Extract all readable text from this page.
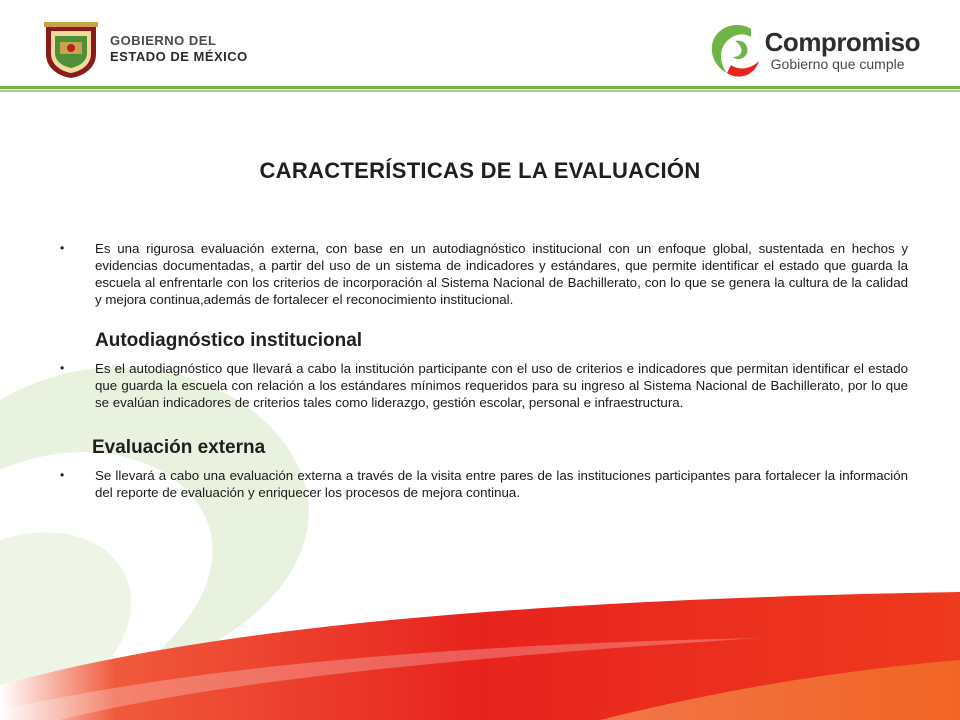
GOBIERNO DEL
ESTADO DE MÉXICO	Compromiso
Gobierno que cumple
CARACTERÍSTICAS DE LA EVALUACIÓN
•	Es una rigurosa evaluación externa, con base en un autodiagnóstico institucional con un enfoque global, sustentada en hechos y evidencias documentadas, a partir del uso de un sistema de indicadores y estándares, que permite identificar el estado que guarda la escuela al enfrentarle con los criterios de incorporación al Sistema Nacional de Bachillerato, con lo que se genera la cultura de la calidad y mejora continua,además de fortalecer el reconocimiento institucional.
Autodiagnóstico institucional
•	Es el autodiagnóstico que llevará a cabo la institución participante con el uso de criterios e indicadores que permitan identificar el estado que guarda la escuela con relación a los estándares mínimos requeridos para su ingreso al Sistema Nacional de Bachillerato, por lo que se evalúan indicadores de criterios tales como liderazgo, gestión escolar, personal e infraestructura.
Evaluación externa
•	Se llevará a cabo una evaluación externa a través de la visita entre pares de las instituciones participantes para fortalecer la información del reporte de evaluación y enriquecer los procesos de mejora continua.
